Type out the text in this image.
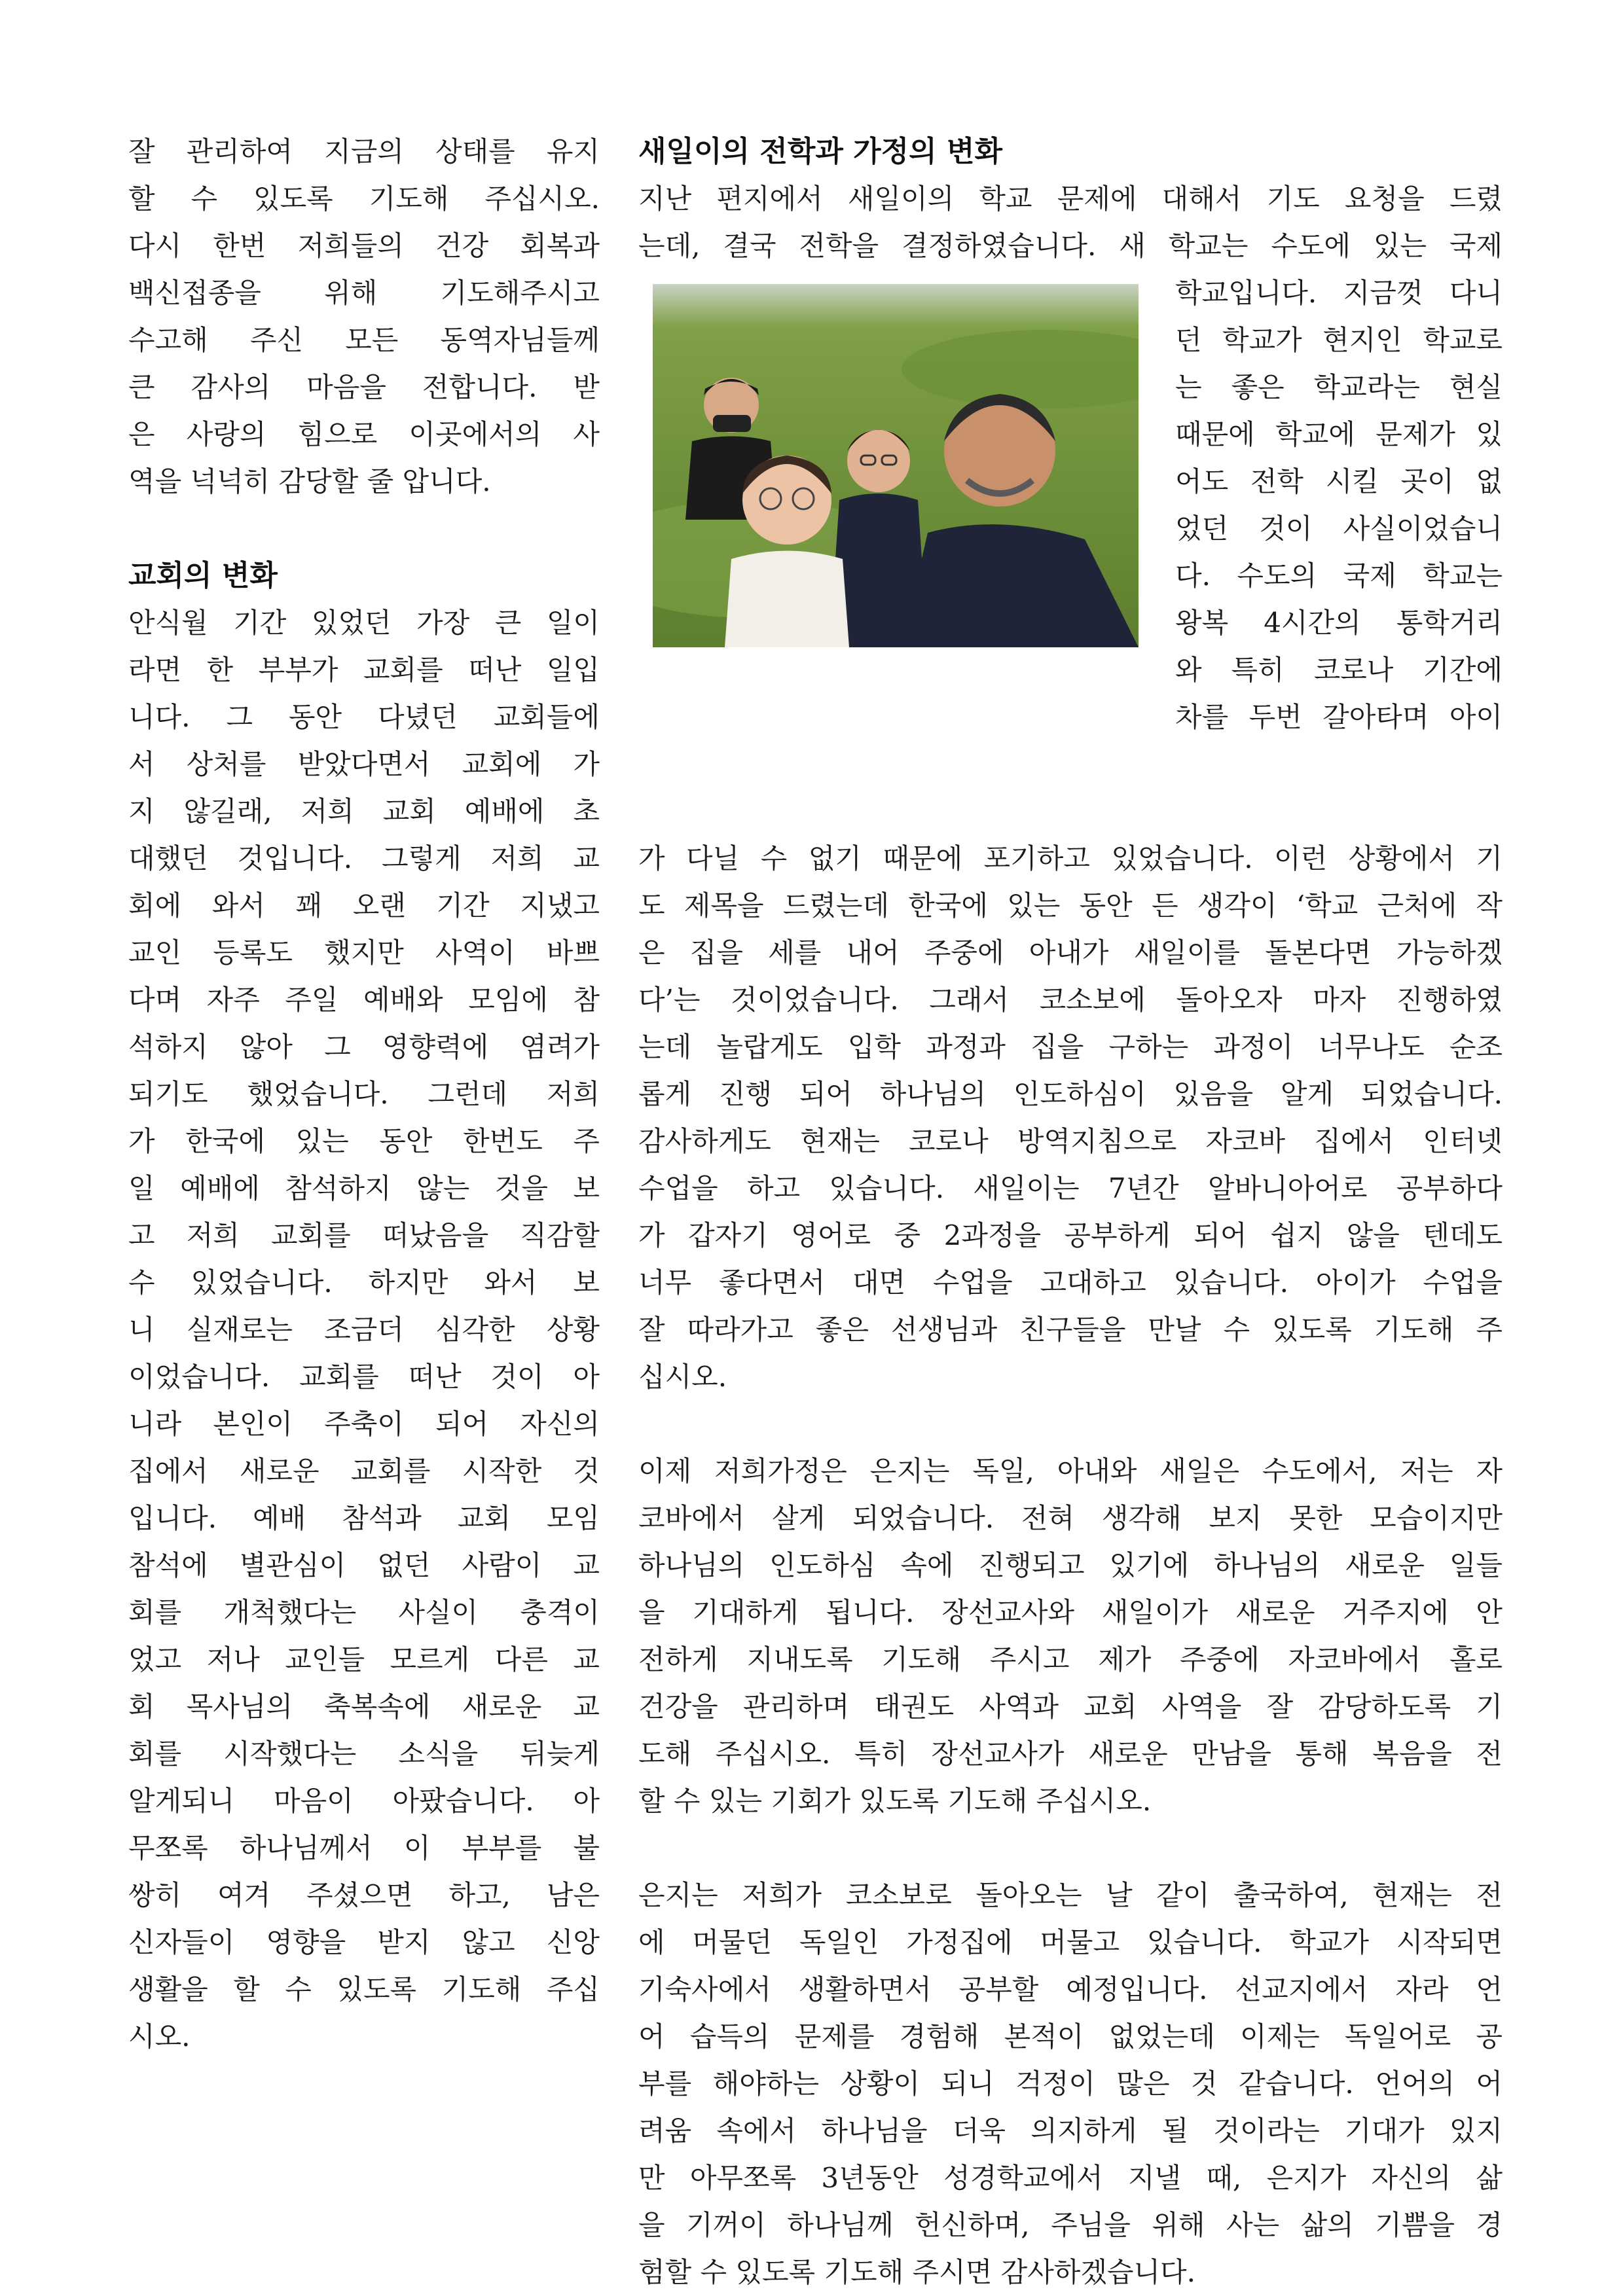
잘 관리하여 지금의 상태를 유지

할 수 있도록 기도해 주십시오.

다시 한번 저희들의 건강 회복과

백신접종을 위해 기도해주시고

수고해 주신 모든 동역자님들께

큰 감사의 마음을 전합니다. 받

은 사랑의 힘으로 이곳에서의 사

역을 넉넉히 감당할 줄 압니다.

교회의 변화

안식월 기간 있었던 가장 큰 일이

라면 한 부부가 교회를 떠난 일입

니다. 그 동안 다녔던 교회들에

서 상처를 받았다면서 교회에 가

지 않길래, 저희 교회 예배에 초

대했던 것입니다. 그렇게 저희 교

회에 와서 꽤 오랜 기간 지냈고

교인 등록도 했지만 사역이 바쁘

다며 자주 주일 예배와 모임에 참

석하지 않아 그 영향력에 염려가

되기도 했었습니다. 그런데 저희

가 한국에 있는 동안 한번도 주

일 예배에 참석하지 않는 것을 보

고 저희 교회를 떠났음을 직감할

수 있었습니다. 하지만 와서 보

니 실재로는 조금더 심각한 상황

이었습니다. 교회를 떠난 것이 아

니라 본인이 주축이 되어 자신의

집에서 새로운 교회를 시작한 것

입니다. 예배 참석과 교회 모임

참석에 별관심이 없던 사람이 교

회를 개척했다는 사실이 충격이

었고 저나 교인들 모르게 다른 교

회 목사님의 축복속에 새로운 교

회를 시작했다는 소식을 뒤늦게

알게되니 마음이 아팠습니다. 아

무쪼록 하나님께서 이 부부를 불

쌍히 여겨 주셨으면 하고, 남은

신자들이 영향을 받지 않고 신앙

생활을 할 수 있도록 기도해 주십

시오.

새일이의 전학과 가정의 변화

지난 편지에서 새일이의 학교 문제에 대해서 기도 요청을 드렸

는데, 결국 전학을 결정하였습니다. 새 학교는 수도에 있는 국제

학교입니다. 지금껏 다니

던 학교가 현지인 학교로

는 좋은 학교라는 현실

때문에 학교에 문제가 있

어도 전학 시킬 곳이 없

었던 것이 사실이었습니

다. 수도의 국제 학교는

왕복 4시간의 통학거리

와 특히 코로나 기간에

차를 두번 갈아타며 아이

가 다닐 수 없기 때문에 포기하고 있었습니다. 이런 상황에서 기

도 제목을 드렸는데 한국에 있는 동안 든 생각이 ‘학교 근처에 작

은 집을 세를 내어 주중에 아내가 새일이를 돌본다면 가능하겠

다’는 것이었습니다. 그래서 코소보에 돌아오자 마자 진행하였

는데 놀랍게도 입학 과정과 집을 구하는 과정이 너무나도 순조

롭게 진행 되어 하나님의 인도하심이 있음을 알게 되었습니다.

감사하게도 현재는 코로나 방역지침으로 자코바 집에서 인터넷

수업을 하고 있습니다. 새일이는 7년간 알바니아어로 공부하다

가 갑자기 영어로 중 2과정을 공부하게 되어 쉽지 않을 텐데도

너무 좋다면서 대면 수업을 고대하고 있습니다. 아이가 수업을

잘 따라가고 좋은 선생님과 친구들을 만날 수 있도록 기도해 주

십시오.

이제 저희가정은 은지는 독일, 아내와 새일은 수도에서, 저는 자

코바에서 살게 되었습니다. 전혀 생각해 보지 못한 모습이지만

하나님의 인도하심 속에 진행되고 있기에 하나님의 새로운 일들

을 기대하게 됩니다. 장선교사와 새일이가 새로운 거주지에 안

전하게 지내도록 기도해 주시고 제가 주중에 자코바에서 홀로

건강을 관리하며 태권도 사역과 교회 사역을 잘 감당하도록 기

도해 주십시오. 특히 장선교사가 새로운 만남을 통해 복음을 전

할 수 있는 기회가 있도록 기도해 주십시오.

은지는 저희가 코소보로 돌아오는 날 같이 출국하여, 현재는 전

에 머물던 독일인 가정집에 머물고 있습니다. 학교가 시작되면

기숙사에서 생활하면서 공부할 예정입니다. 선교지에서 자라 언

어 습득의 문제를 경험해 본적이 없었는데 이제는 독일어로 공

부를 해야하는 상황이 되니 걱정이 많은 것 같습니다. 언어의 어

려움 속에서 하나님을 더욱 의지하게 될 것이라는 기대가 있지

만 아무쪼록 3년동안 성경학교에서 지낼 때, 은지가 자신의 삶

을 기꺼이 하나님께 헌신하며, 주님을 위해 사는 삶의 기쁨을 경

험할 수 있도록 기도해 주시면 감사하겠습니다.
